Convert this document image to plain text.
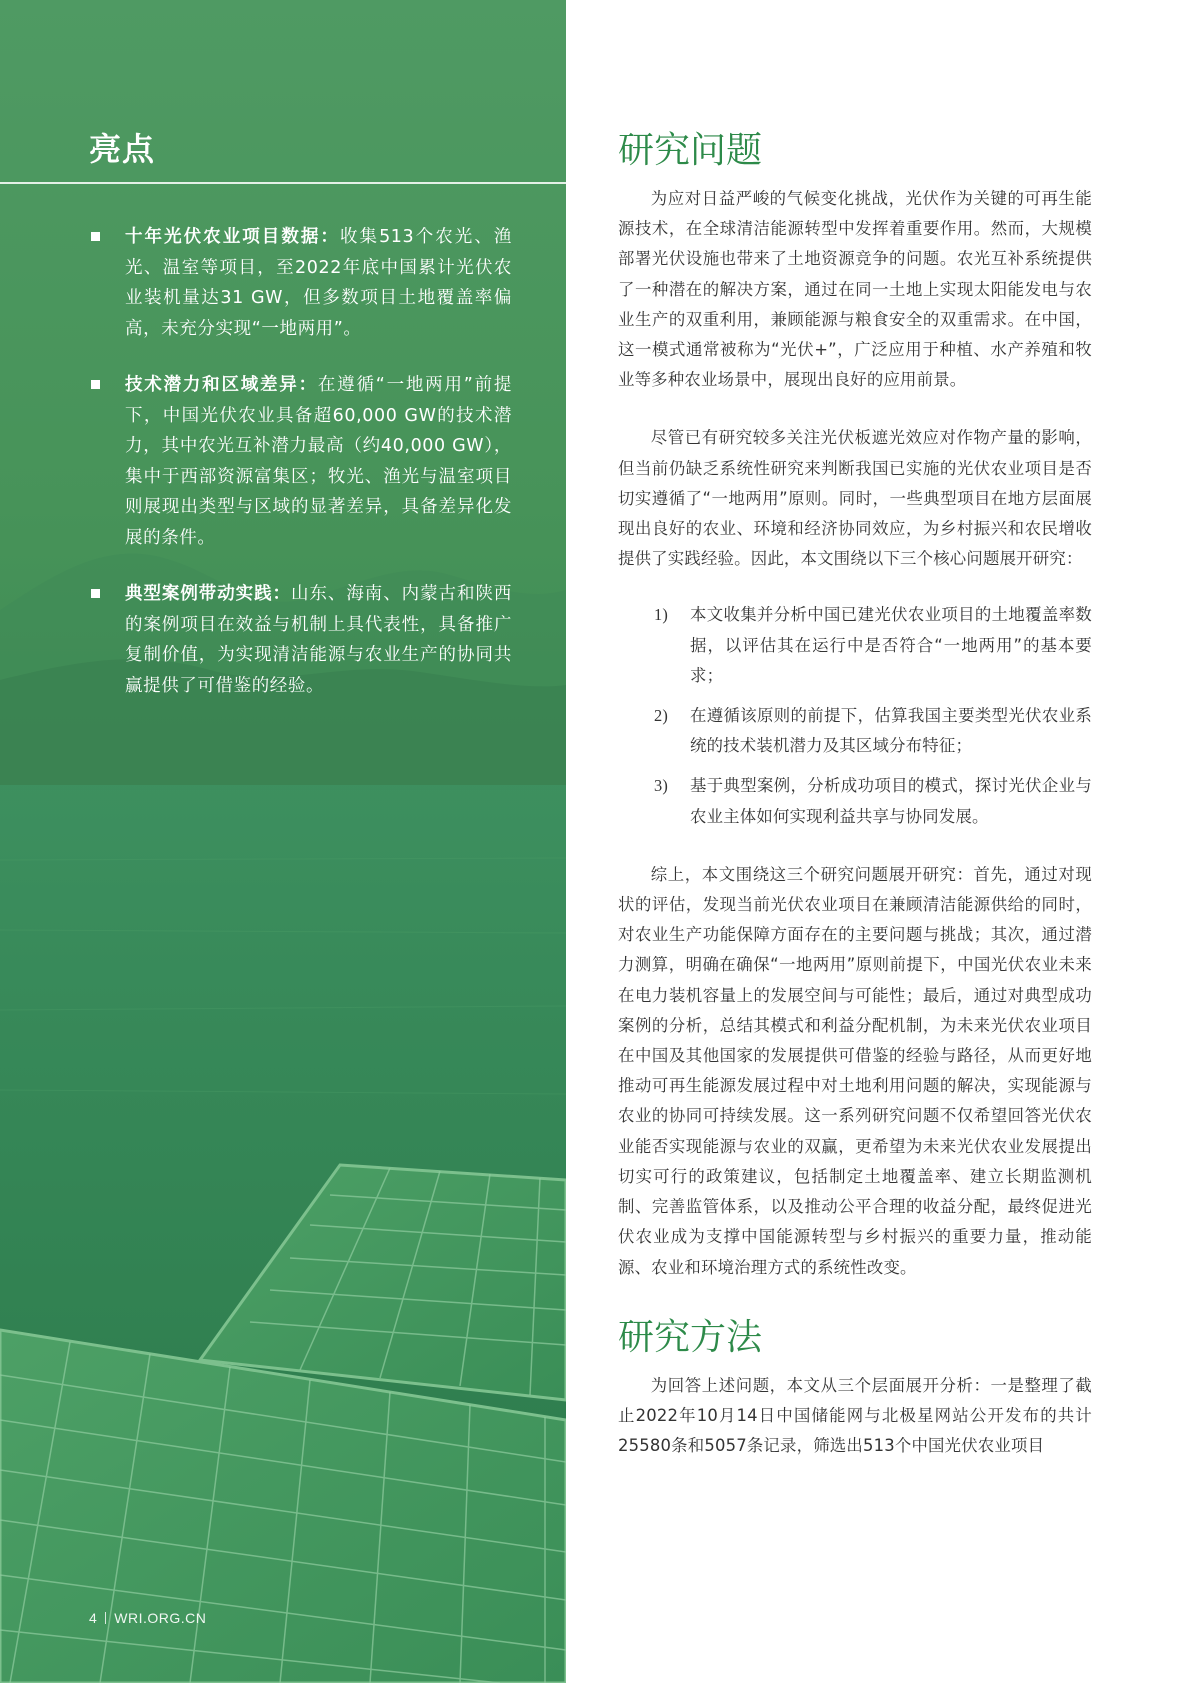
亮点
十年光伏农业项目数据：收集513个农光、渔光、温室等项目，至2022年底中国累计光伏农业装机量达31 GW，但多数项目土地覆盖率偏高，未充分实现“一地两用”。
技术潜力和区域差异：在遵循“一地两用”前提下，中国光伏农业具备超60,000 GW的技术潜力，其中农光互补潜力最高（约40,000 GW），集中于西部资源富集区；牧光、渔光与温室项目则展现出类型与区域的显著差异，具备差异化发展的条件。
典型案例带动实践：山东、海南、内蒙古和陕西的案例项目在效益与机制上具代表性，具备推广复制价值，为实现清洁能源与农业生产的协同共赢提供了可借鉴的经验。
4 WRI.ORG.CN
研究问题

为应对日益严峻的气候变化挑战，光伏作为关键的可再生能源技术，在全球清洁能源转型中发挥着重要作用。然而，大规模部署光伏设施也带来了土地资源竞争的问题。农光互补系统提供了一种潜在的解决方案，通过在同一土地上实现太阳能发电与农业生产的双重利用，兼顾能源与粮食安全的双重需求。在中国，这一模式通常被称为“光伏+”，广泛应用于种植、水产养殖和牧业等多种农业场景中，展现出良好的应用前景。

尽管已有研究较多关注光伏板遮光效应对作物产量的影响，但当前仍缺乏系统性研究来判断我国已实施的光伏农业项目是否切实遵循了“一地两用”原则。同时，一些典型项目在地方层面展现出良好的农业、环境和经济协同效应，为乡村振兴和农民增收提供了实践经验。因此，本文围绕以下三个核心问题展开研究：

1) 本文收集并分析中国已建光伏农业项目的土地覆盖率数据，以评估其在运行中是否符合“一地两用”的基本要求；
2) 在遵循该原则的前提下，估算我国主要类型光伏农业系统的技术装机潜力及其区域分布特征；
3) 基于典型案例，分析成功项目的模式，探讨光伏企业与农业主体如何实现利益共享与协同发展。

综上，本文围绕这三个研究问题展开研究：首先，通过对现状的评估，发现当前光伏农业项目在兼顾清洁能源供给的同时，对农业生产功能保障方面存在的主要问题与挑战；其次，通过潜力测算，明确在确保“一地两用”原则前提下，中国光伏农业未来在电力装机容量上的发展空间与可能性；最后，通过对典型成功案例的分析，总结其模式和利益分配机制，为未来光伏农业项目在中国及其他国家的发展提供可借鉴的经验与路径，从而更好地推动可再生能源发展过程中对土地利用问题的解决，实现能源与农业的协同可持续发展。这一系列研究问题不仅希望回答光伏农业能否实现能源与农业的双赢，更希望为未来光伏农业发展提出切实可行的政策建议，包括制定土地覆盖率、建立长期监测机制、完善监管体系，以及推动公平合理的收益分配，最终促进光伏农业成为支撑中国能源转型与乡村振兴的重要力量，推动能源、农业和环境治理方式的系统性改变。

研究方法

为回答上述问题，本文从三个层面展开分析：一是整理了截止2022年10月14日中国储能网与北极星网站公开发布的共计25580条和5057条记录，筛选出513个中国光伏农业项目
